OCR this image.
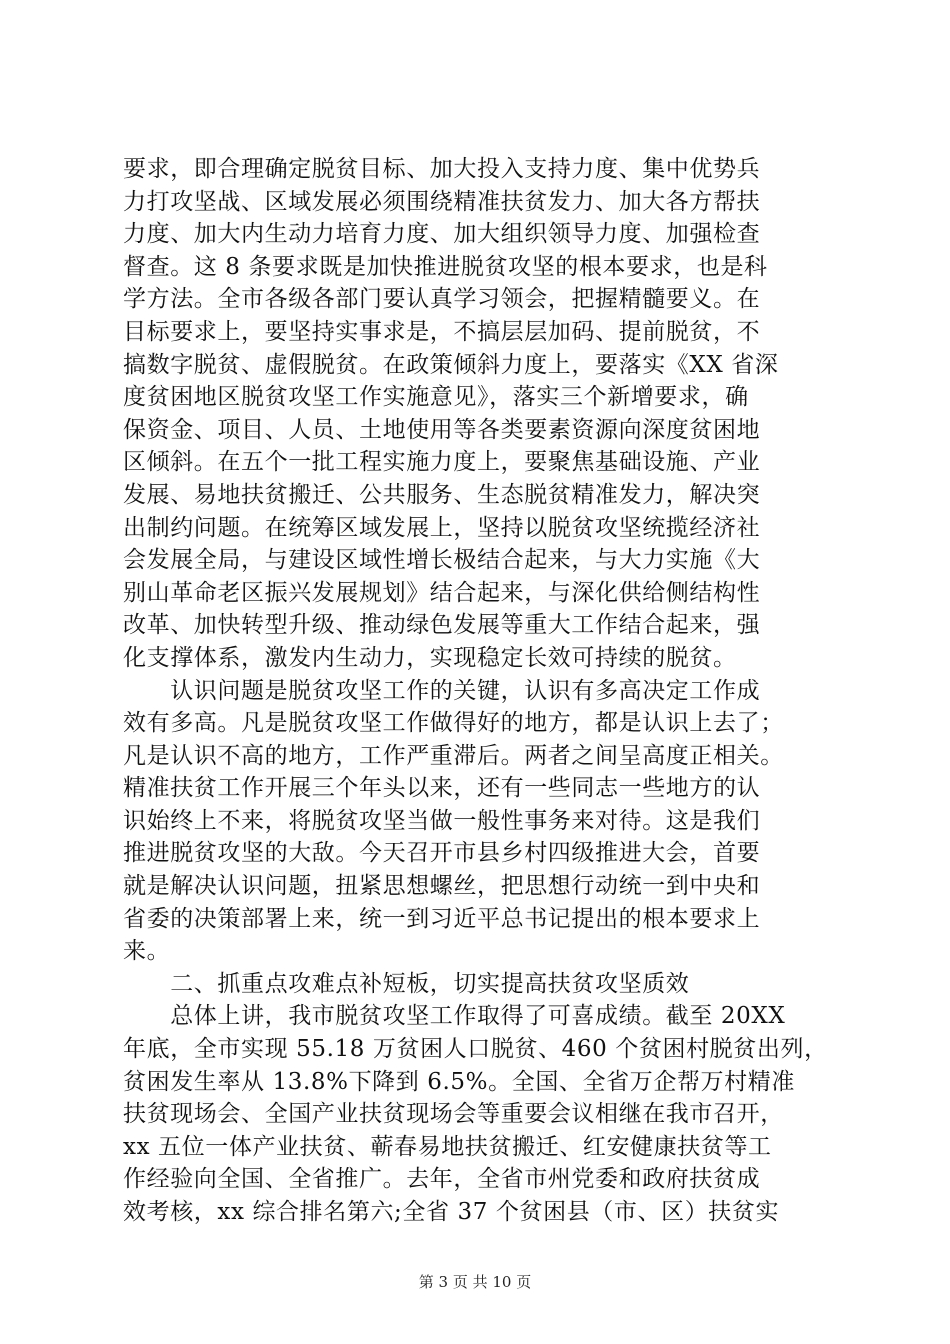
要求，即合理确定脱贫目标、加大投入支持力度、集中优势兵
力打攻坚战、区域发展必须围绕精准扶贫发力、加大各方帮扶
力度、加大内生动力培育力度、加大组织领导力度、加强检查
督查。这 8 条要求既是加快推进脱贫攻坚的根本要求，也是科
学方法。全市各级各部门要认真学习领会，把握精髓要义。在
目标要求上，要坚持实事求是，不搞层层加码、提前脱贫，不
搞数字脱贫、虚假脱贫。在政策倾斜力度上，要落实《XX 省深
度贫困地区脱贫攻坚工作实施意见》，落实三个新增要求，确
保资金、项目、人员、土地使用等各类要素资源向深度贫困地
区倾斜。在五个一批工程实施力度上，要聚焦基础设施、产业
发展、易地扶贫搬迁、公共服务、生态脱贫精准发力，解决突
出制约问题。在统筹区域发展上，坚持以脱贫攻坚统揽经济社
会发展全局，与建设区域性增长极结合起来，与大力实施《大
别山革命老区振兴发展规划》结合起来，与深化供给侧结构性
改革、加快转型升级、推动绿色发展等重大工作结合起来，强
化支撑体系，激发内生动力，实现稳定长效可持续的脱贫。
　　认识问题是脱贫攻坚工作的关键，认识有多高决定工作成
效有多高。凡是脱贫攻坚工作做得好的地方，都是认识上去了；
凡是认识不高的地方，工作严重滞后。两者之间呈高度正相关。
精准扶贫工作开展三个年头以来，还有一些同志一些地方的认
识始终上不来，将脱贫攻坚当做一般性事务来对待。这是我们
推进脱贫攻坚的大敌。今天召开市县乡村四级推进大会，首要
就是解决认识问题，扭紧思想螺丝，把思想行动统一到中央和
省委的决策部署上来，统一到习近平总书记提出的根本要求上
来。
　　二、抓重点攻难点补短板，切实提高扶贫攻坚质效
　　总体上讲，我市脱贫攻坚工作取得了可喜成绩。截至 20XX
年底，全市实现 55.18 万贫困人口脱贫、460 个贫困村脱贫出列，
贫困发生率从 13.8%下降到 6.5%。全国、全省万企帮万村精准
扶贫现场会、全国产业扶贫现场会等重要会议相继在我市召开，
xx 五位一体产业扶贫、蕲春易地扶贫搬迁、红安健康扶贫等工
作经验向全国、全省推广。去年，全省市州党委和政府扶贫成
效考核，xx 综合排名第六;全省 37 个贫困县（市、区）扶贫实
第 3 页 共 10 页
